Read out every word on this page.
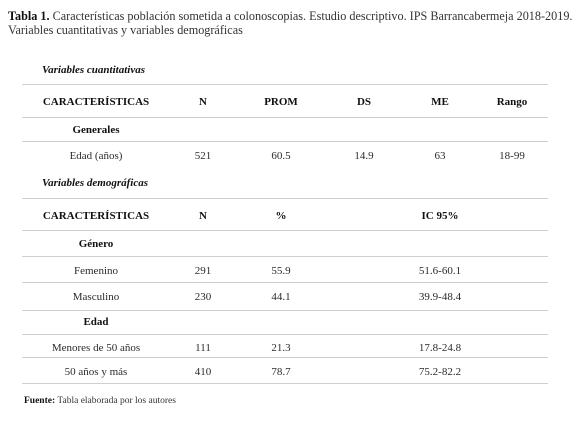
Tabla 1. Características población sometida a colonoscopias. Estudio descriptivo. IPS Barrancabermeja 2018-2019. Variables cuantitativas y variables demográficas
Variables cuantitativas
CARACTERÍSTICAS	N	PROM	DS	ME	Rango
Generales
Edad (años)	521	60.5	14.9	63	18-99
Variables demográficas
CARACTERÍSTICAS	N	%	IC 95%
Género
Femenino	291	55.9	51.6-60.1
Masculino	230	44.1	39.9-48.4
Edad
Menores de 50 años	111	21.3	17.8-24.8
50 años y más	410	78.7	75.2-82.2
Fuente: Tabla elaborada por los autores
